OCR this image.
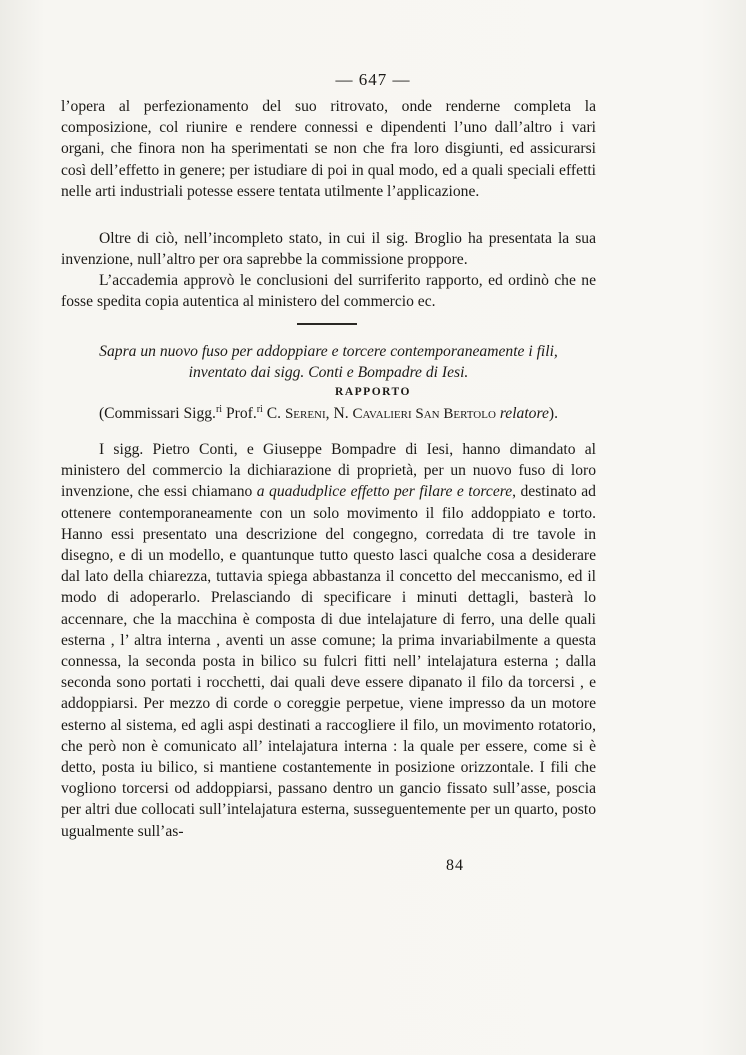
— 647 —

l’opera al perfezionamento del suo ritrovato, onde renderne completa la composizione, col riunire e rendere connessi e dipendenti l’uno dall’altro i vari organi, che finora non ha sperimentati se non che fra loro disgiunti, ed assicurarsi così dell’effetto in genere; per istudiare di poi in qual modo, ed a quali speciali effetti nelle arti industriali potesse essere tentata utilmente l’applicazione.

Oltre di ciò, nell’incompleto stato, in cui il sig. Broglio ha presentata la sua invenzione, null’altro per ora saprebbe la commissione proppore.

L’accademia approvò le conclusioni del surriferito rapporto, ed ordinò che ne fosse spedita copia autentica al ministero del commercio ec.

Sapra un nuovo fuso per addoppiare e torcere contemporaneamente i fili,
inventato dai sigg. Conti e Bompadre di Iesi.
RAPPORTO
(Commissari Sigg.$^{ri}$ Prof.$^{ri}$ C. Sereni, N. Cavalieri San Bertolo relatore).

I sigg. Pietro Conti, e Giuseppe Bompadre di Iesi, hanno dimandato al ministero del commercio la dichiarazione di proprietà, per un nuovo fuso di loro invenzione, che essi chiamano a quadudplice effetto per filare e torcere, destinato ad ottenere contemporaneamente con un solo movimento il filo addoppiato e torto. Hanno essi presentato una descrizione del congegno, corredata di tre tavole in disegno, e di un modello, e quantunque tutto questo lasci qualche cosa a desiderare dal lato della chiarezza, tuttavia spiega abbastanza il concetto del meccanismo, ed il modo di adoperarlo. Prelasciando di specificare i minuti dettagli, basterà lo accennare, che la macchina è composta di due intelajature di ferro, una delle quali esterna , l’ altra interna , aventi un asse comune; la prima invariabilmente a questa connessa, la seconda posta in bilico su fulcri fitti nell’ intelajatura esterna ; dalla seconda sono portati i rocchetti, dai quali deve essere dipanato il filo da torcersi , e addoppiarsi. Per mezzo di corde o coreggie perpetue, viene impresso da un motore esterno al sistema, ed agli aspi destinati a raccogliere il filo, un movimento rotatorio, che però non è comunicato all’ intelajatura interna : la quale per essere, come si è detto, posta iu bilico, si mantiene costantemente in posizione orizzontale. I fili che vogliono torcersi od addoppiarsi, passano dentro un gancio fissato sull’asse, posciа per altri due collocati sull’intelajatura esterna, susseguentemente per un quarto, posto ugualmente sull’as-

84
